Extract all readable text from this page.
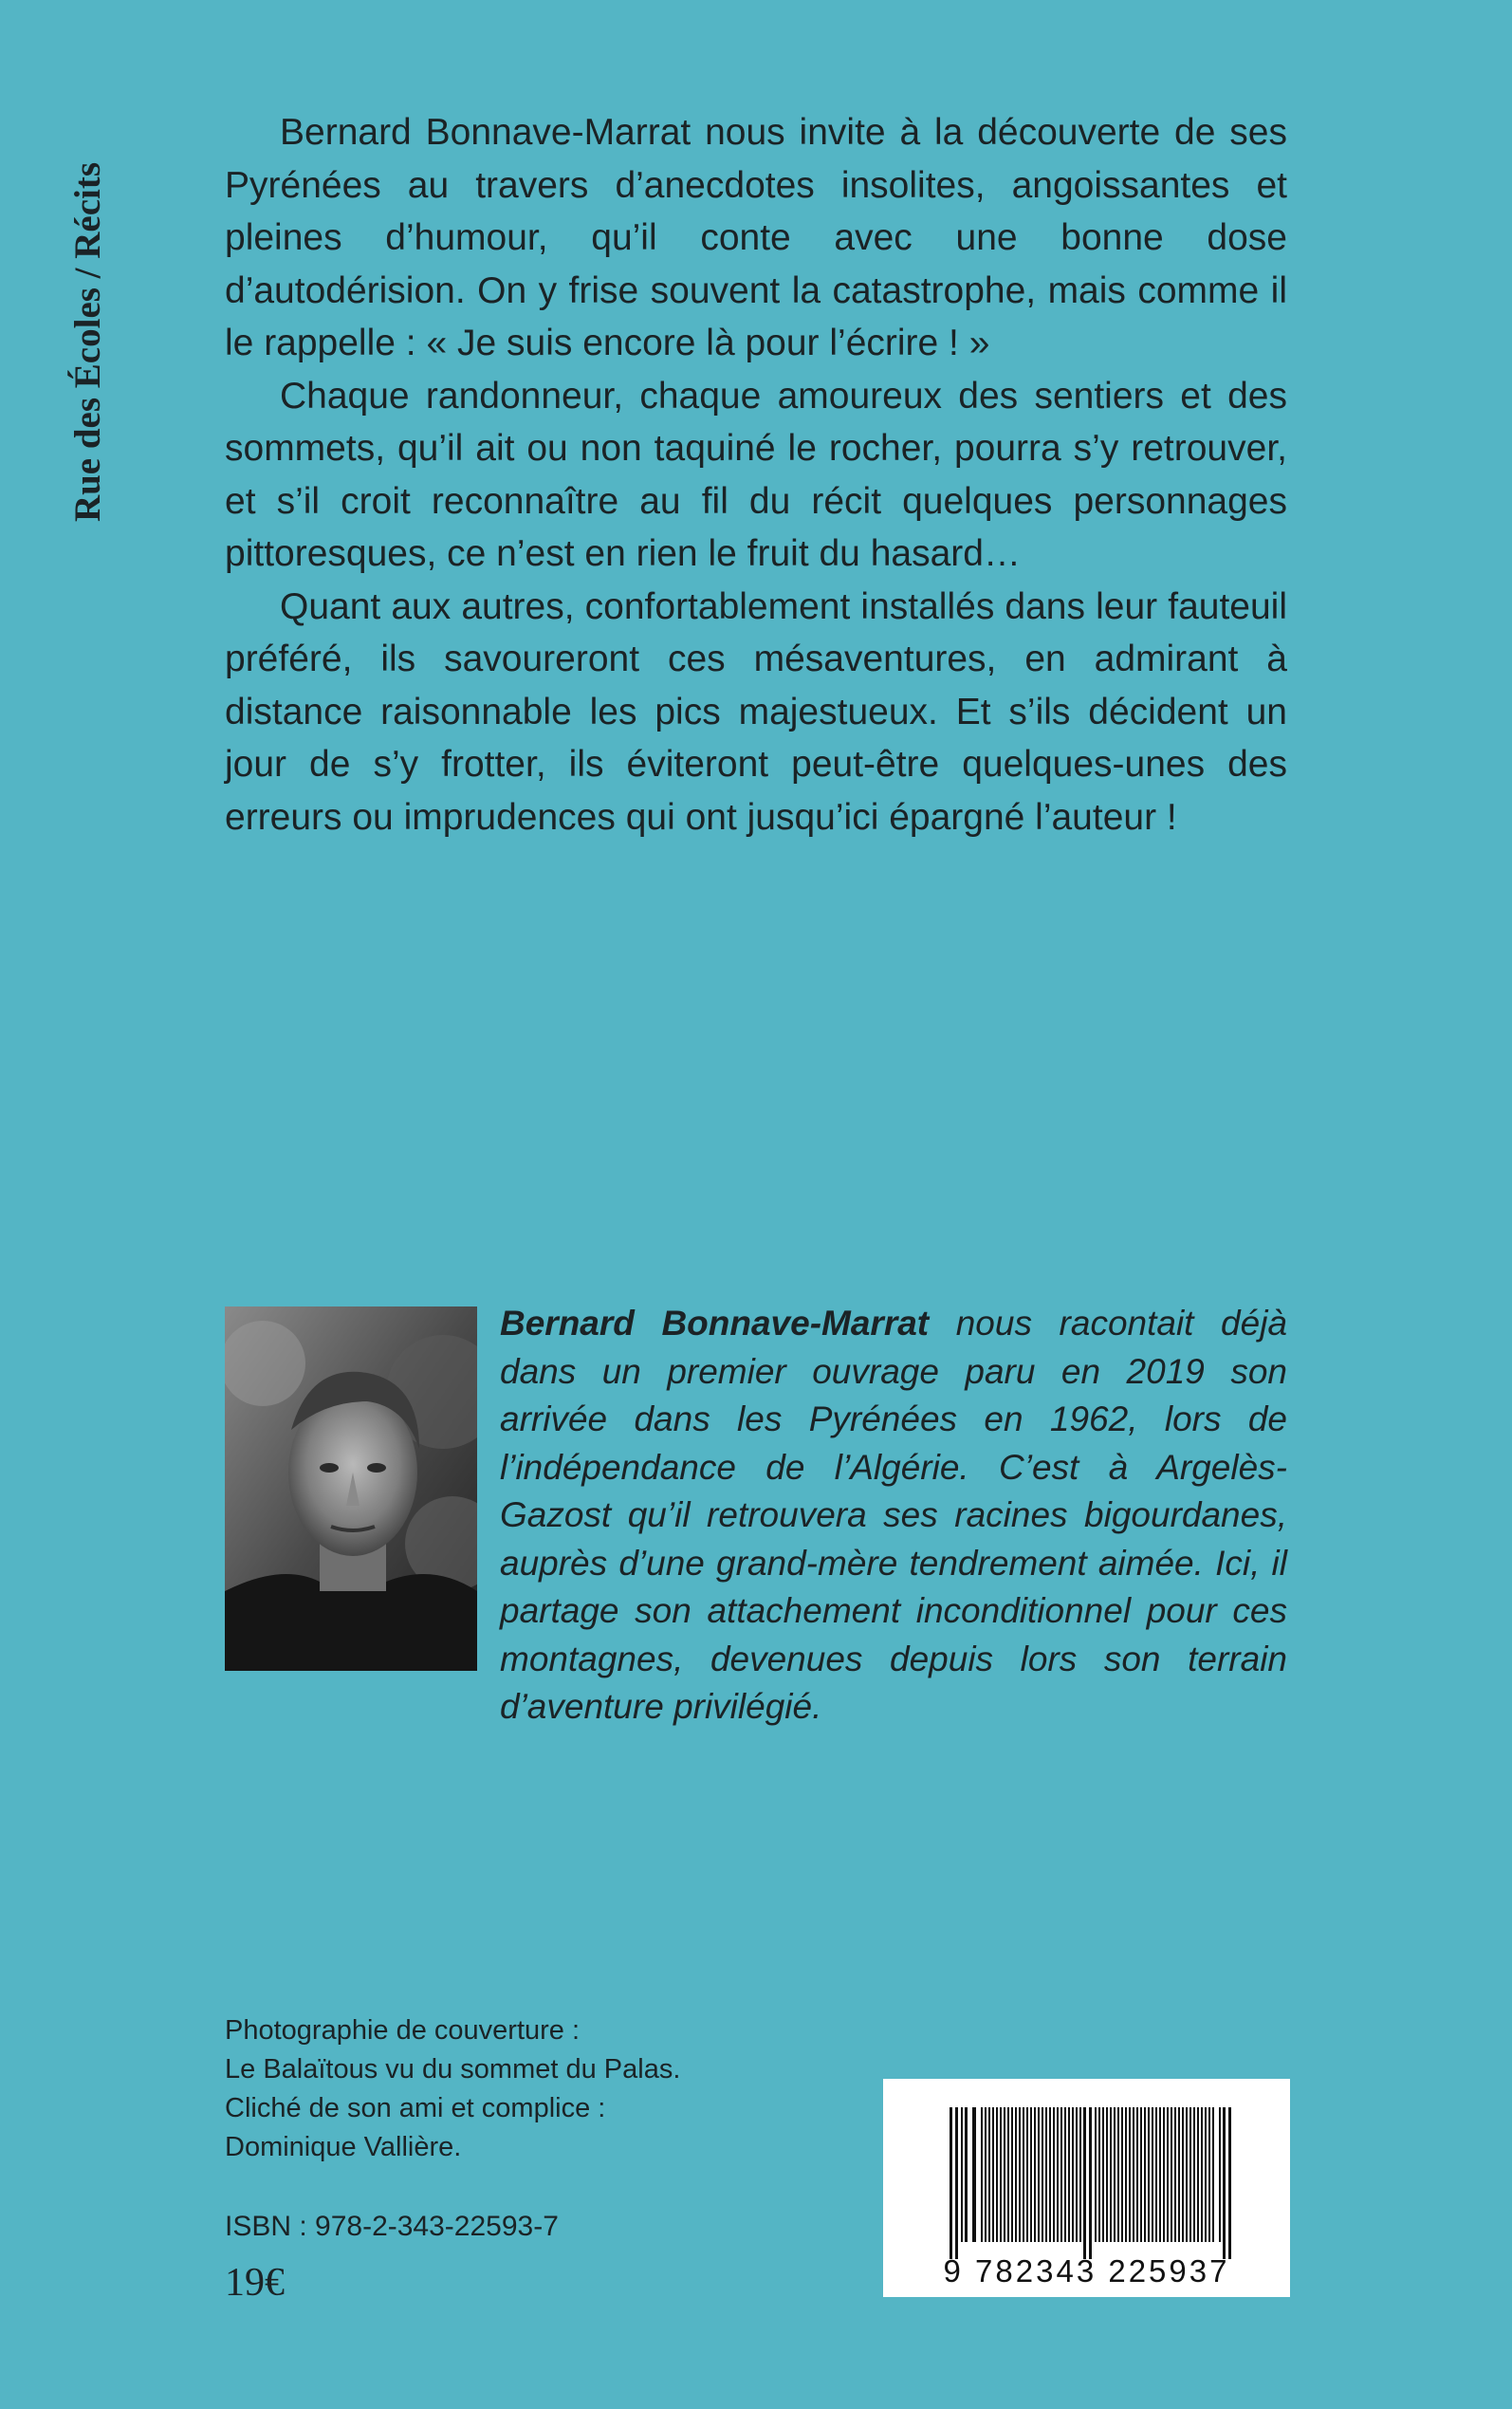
Rue des Écoles / Récits

Bernard Bonnave-Marrat nous invite à la découverte de ses Pyrénées au travers d’anecdotes insolites, angoissantes et pleines d’humour, qu’il conte avec une bonne dose d’autodérision. On y frise souvent la catastrophe, mais comme il le rappelle : « Je suis encore là pour l’écrire ! »

Chaque randonneur, chaque amoureux des sentiers et des sommets, qu’il ait ou non taquiné le rocher, pourra s’y retrouver, et s’il croit reconnaître au fil du récit quelques personnages pittoresques, ce n’est en rien le fruit du hasard…

Quant aux autres, confortablement installés dans leur fauteuil préféré, ils savoureront ces mésaventures, en admirant à distance raisonnable les pics majestueux. Et s’ils décident un jour de s’y frotter, ils éviteront peut-être quelques-unes des erreurs ou imprudences qui ont jusqu’ici épargné l’auteur !

Bernard Bonnave-Marrat nous racontait déjà dans un premier ouvrage paru en 2019 son arrivée dans les Pyrénées en 1962, lors de l’indépendance de l’Algérie. C’est à Argelès-Gazost qu’il retrouvera ses racines bigourdanes, auprès d’une grand-mère tendrement aimée. Ici, il partage son attachement inconditionnel pour ces montagnes, devenues depuis lors son terrain d’aventure privilégié.

Photographie de couverture :
Le Balaïtous vu du sommet du Palas.
Cliché de son ami et complice :
Dominique Vallière.
ISBN : 978-2-343-22593-7
19€	9 782343 225937
